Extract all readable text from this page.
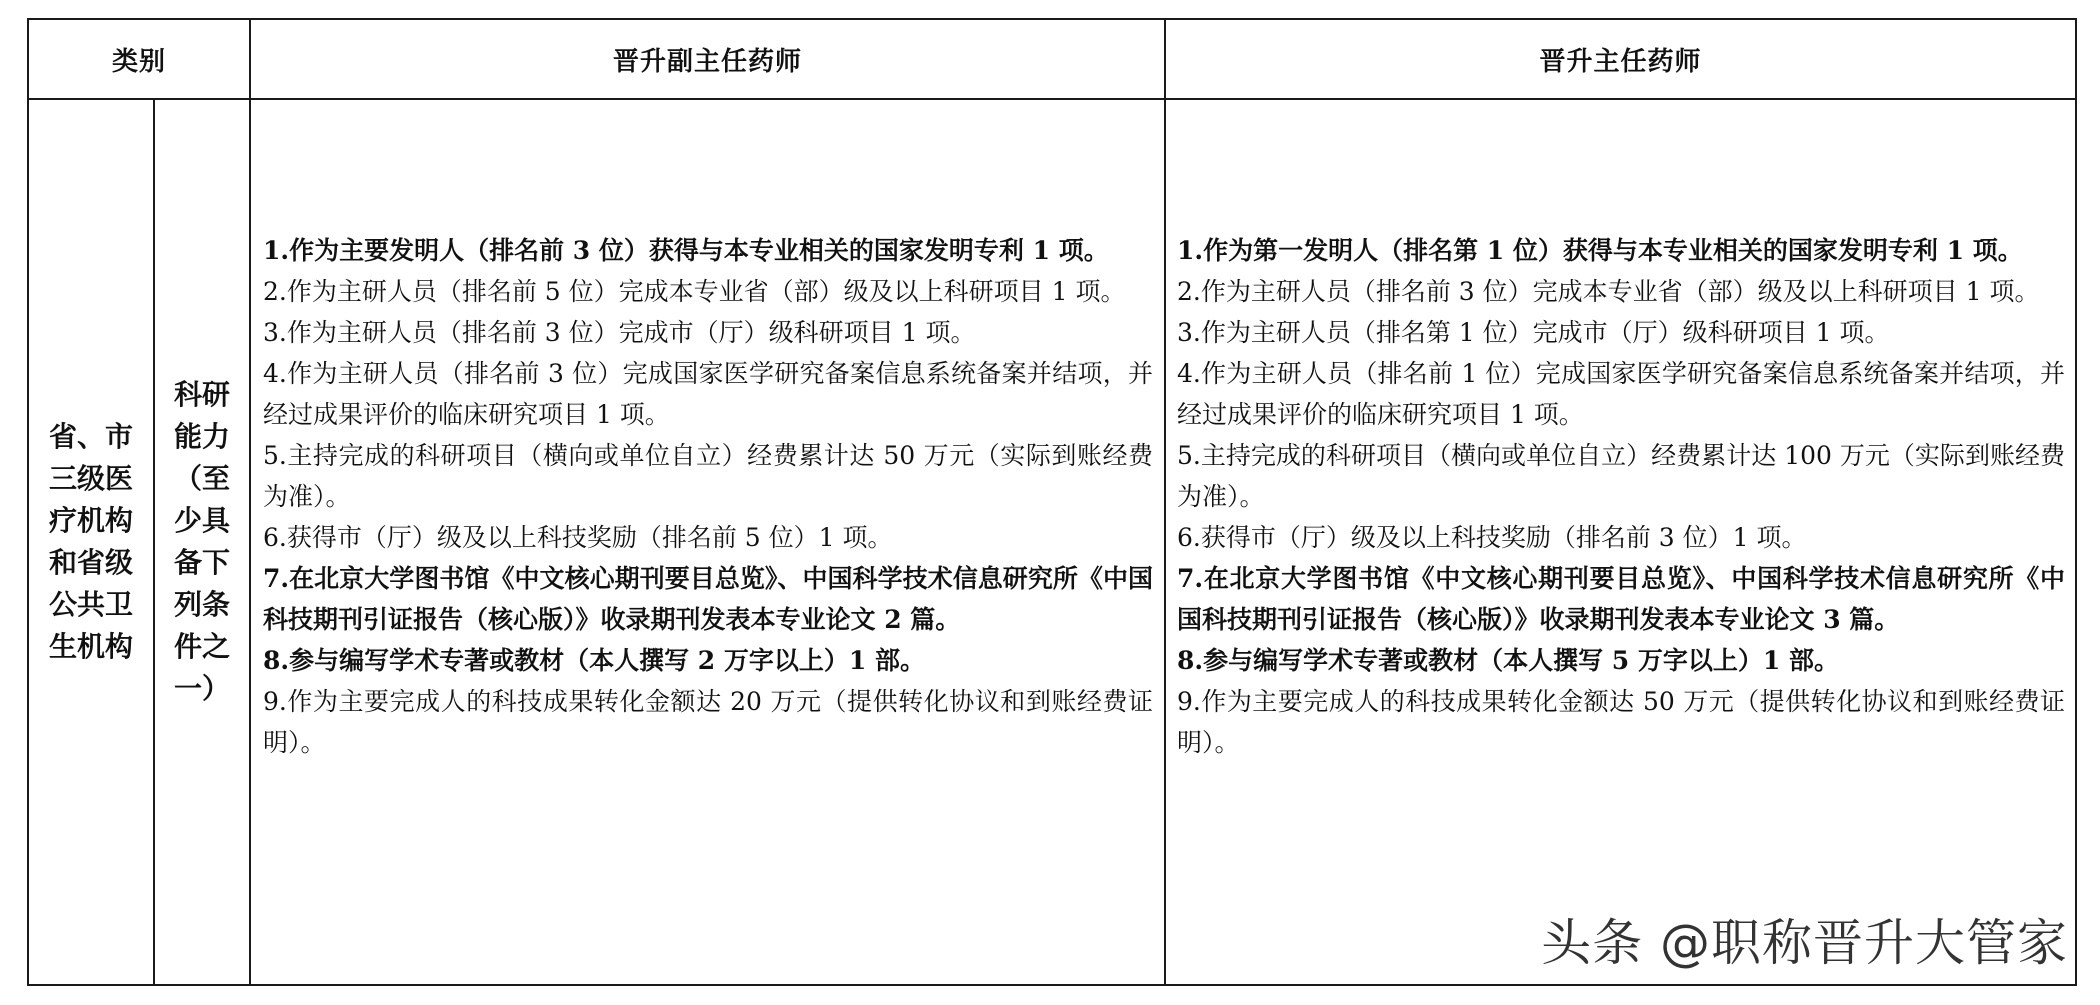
类别	晋升副主任药师	晋升主任药师
省、市
三级医
疗机构
和省级
公共卫
生机构
科研
能力
（至
少具
备下
列条
件之
一）

1.作为主要发明人（排名前 3 位）获得与本专业相关的国家发明专利 1 项。

2.作为主研人员（排名前 5 位）完成本专业省（部）级及以上科研项目 1 项。

3.作为主研人员（排名前 3 位）完成市（厅）级科研项目 1 项。

4.作为主研人员（排名前 3 位）完成国家医学研究备案信息系统备案并结项，并经过成果评价的临床研究项目 1 项。

5.主持完成的科研项目（横向或单位自立）经费累计达 50 万元（实际到账经费为准）。

6.获得市（厅）级及以上科技奖励（排名前 5 位）1 项。

7.在北京大学图书馆《中文核心期刊要目总览》、中国科学技术信息研究所《中国科技期刊引证报告（核心版）》收录期刊发表本专业论文 2 篇。

8.参与编写学术专著或教材（本人撰写 2 万字以上）1 部。

9.作为主要完成人的科技成果转化金额达 20 万元（提供转化协议和到账经费证明）。

1.作为第一发明人（排名第 1 位）获得与本专业相关的国家发明专利 1 项。

2.作为主研人员（排名前 3 位）完成本专业省（部）级及以上科研项目 1 项。

3.作为主研人员（排名第 1 位）完成市（厅）级科研项目 1 项。

4.作为主研人员（排名前 1 位）完成国家医学研究备案信息系统备案并结项，并经过成果评价的临床研究项目 1 项。

5.主持完成的科研项目（横向或单位自立）经费累计达 100 万元（实际到账经费为准）。

6.获得市（厅）级及以上科技奖励（排名前 3 位）1 项。

7.在北京大学图书馆《中文核心期刊要目总览》、中国科学技术信息研究所《中国科技期刊引证报告（核心版）》收录期刊发表本专业论文 3 篇。

8.参与编写学术专著或教材（本人撰写 5 万字以上）1 部。

9.作为主要完成人的科技成果转化金额达 50 万元（提供转化协议和到账经费证明）。

头条 @职称晋升大管家
